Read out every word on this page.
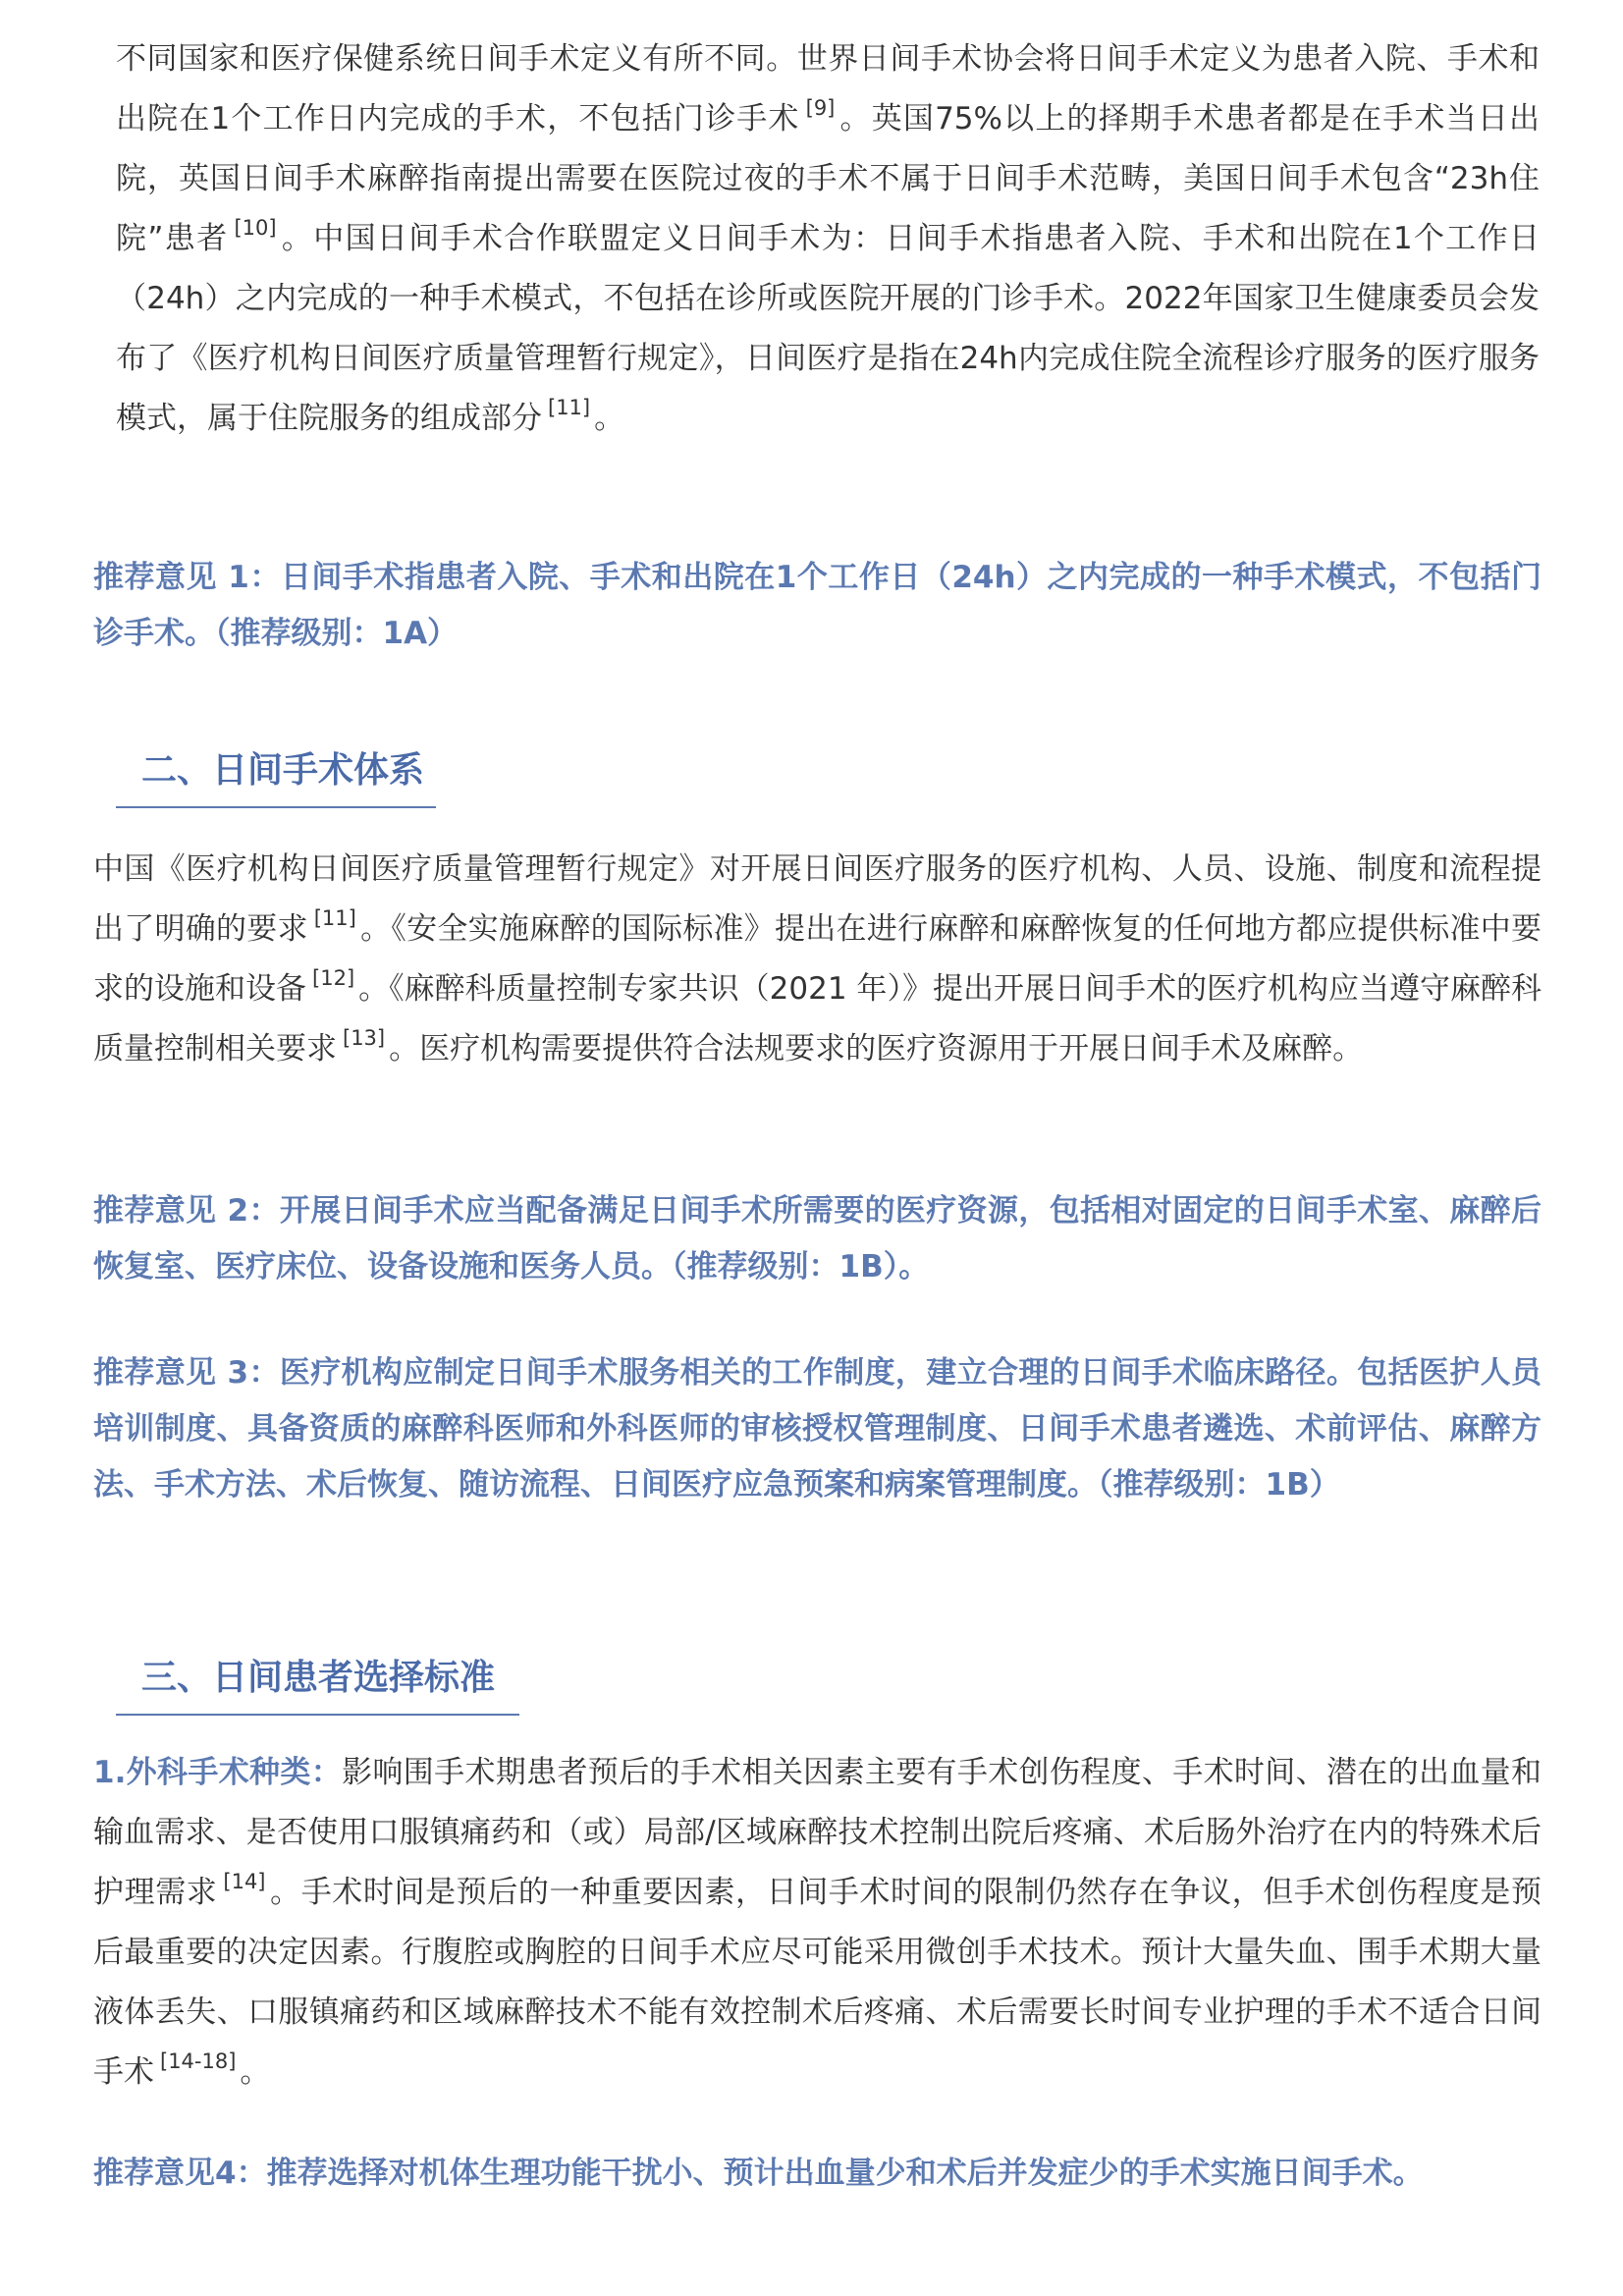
不同国家和医疗保健系统日间手术定义有所不同。世界日间手术协会将日间手术定义为患者入院、手术和出院在1个工作日内完成的手术，不包括门诊手术 [9] 。英国75%以上的择期手术患者都是在手术当日出院，英国日间手术麻醉指南提出需要在医院过夜的手术不属于日间手术范畴，美国日间手术包含“23h住院”患者 [10] 。中国日间手术合作联盟定义日间手术为：日间手术指患者入院、手术和出院在1个工作日（24h）之内完成的一种手术模式，不包括在诊所或医院开展的门诊手术。2022年国家卫生健康委员会发布了《医疗机构日间医疗质量管理暂行规定》，日间医疗是指在24h内完成住院全流程诊疗服务的医疗服务模式，属于住院服务的组成部分 [11] 。
推荐意见 1：日间手术指患者入院、手术和出院在1个工作日（24h）之内完成的一种手术模式，不包括门诊手术。（推荐级别：1A）
二、日间手术体系
中国《医疗机构日间医疗质量管理暂行规定》对开展日间医疗服务的医疗机构、人员、设施、制度和流程提出了明确的要求 [11] 。《安全实施麻醉的国际标准》提出在进行麻醉和麻醉恢复的任何地方都应提供标准中要求的设施和设备 [12] 。《麻醉科质量控制专家共识（2021 年）》提出开展日间手术的医疗机构应当遵守麻醉科质量控制相关要求 [13] 。医疗机构需要提供符合法规要求的医疗资源用于开展日间手术及麻醉。
推荐意见 2：开展日间手术应当配备满足日间手术所需要的医疗资源，包括相对固定的日间手术室、麻醉后恢复室、医疗床位、设备设施和医务人员。（推荐级别：1B）。
推荐意见 3：医疗机构应制定日间手术服务相关的工作制度，建立合理的日间手术临床路径。包括医护人员培训制度、具备资质的麻醉科医师和外科医师的审核授权管理制度、日间手术患者遴选、术前评估、麻醉方法、手术方法、术后恢复、随访流程、日间医疗应急预案和病案管理制度。（推荐级别：1B）
三、日间患者选择标准
1.外科手术种类：影响围手术期患者预后的手术相关因素主要有手术创伤程度、手术时间、潜在的出血量和输血需求、是否使用口服镇痛药和（或）局部/区域麻醉技术控制出院后疼痛、术后肠外治疗在内的特殊术后护理需求 [14] 。手术时间是预后的一种重要因素，日间手术时间的限制仍然存在争议，但手术创伤程度是预后最重要的决定因素。行腹腔或胸腔的日间手术应尽可能采用微创手术技术。预计大量失血、围手术期大量液体丢失、口服镇痛药和区域麻醉技术不能有效控制术后疼痛、术后需要长时间专业护理的手术不适合日间手术 [14-18] 。
推荐意见4：推荐选择对机体生理功能干扰小、预计出血量少和术后并发症少的手术实施日间手术。
